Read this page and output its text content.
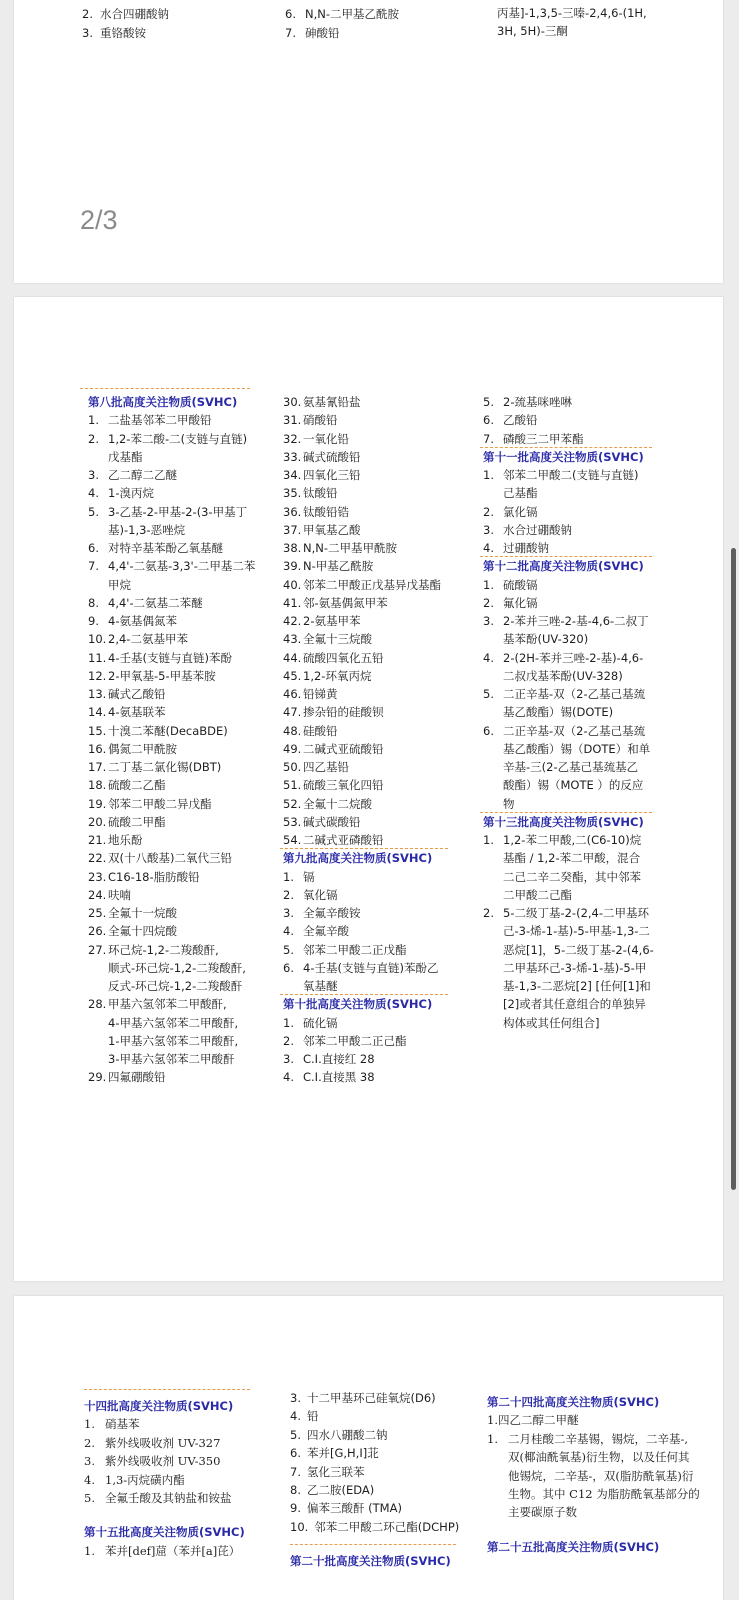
2. 水合四硼酸钠
3. 重铬酸铵
6. N,N-二甲基乙酰胺
7. 砷酸铅
丙基]-1,3,5-三嗪-2,4,6-(1H,
3H, 5H)-三酮
2/3
第八批高度关注物质(SVHC)
1. 二盐基邻苯二甲酸铅
2. 1,2-苯二酸-二(支链与直链)
戊基酯
3. 乙二醇二乙醚
4. 1-溴丙烷
5. 3-乙基-2-甲基-2-(3-甲基丁
基)-1,3-恶唑烷
6. 对特辛基苯酚乙氧基醚
7. 4,4'-二氨基-3,3'-二甲基二苯
甲烷
8. 4,4'-二氨基二苯醚
9. 4-氨基偶氮苯
10. 2,4-二氨基甲苯
11. 4-壬基(支链与直链)苯酚
12. 2-甲氧基-5-甲基苯胺
13. 碱式乙酸铅
14. 4-氨基联苯
15. 十溴二苯醚(DecaBDE)
16. 偶氮二甲酰胺
17. 二丁基二氯化锡(DBT)
18. 硫酸二乙酯
19. 邻苯二甲酸二异戊酯
20. 硫酸二甲酯
21. 地乐酚
22. 双(十八酸基)二氧代三铅
23. C16-18-脂肪酸铅
24. 呋喃
25. 全氟十一烷酸
26. 全氟十四烷酸
27. 环己烷-1,2-二羧酸酐,
顺式-环己烷-1,2-二羧酸酐,
反式-环己烷-1,2-二羧酸酐
28. 甲基六氢邻苯二甲酸酐,
4-甲基六氢邻苯二甲酸酐,
1-甲基六氢邻苯二甲酸酐,
3-甲基六氢邻苯二甲酸酐
29. 四氟硼酸铅
30. 氨基氰铅盐
31. 硝酸铅
32. 一氧化铅
33. 碱式硫酸铅
34. 四氧化三铅
35. 钛酸铅
36. 钛酸铅锆
37. 甲氧基乙酸
38. N,N-二甲基甲酰胺
39. N-甲基乙酰胺
40. 邻苯二甲酸正戊基异戊基酯
41. 邻-氨基偶氮甲苯
42. 2-氨基甲苯
43. 全氟十三烷酸
44. 硫酸四氧化五铅
45. 1,2-环氧丙烷
46. 铅锑黄
47. 掺杂铅的硅酸钡
48. 硅酸铅
49. 二碱式亚硫酸铅
50. 四乙基铅
51. 硫酸三氧化四铅
52. 全氟十二烷酸
53. 碱式碳酸铅
54. 二碱式亚磷酸铅
第九批高度关注物质(SVHC)
1. 镉
2. 氧化镉
3. 全氟辛酸铵
4. 全氟辛酸
5. 邻苯二甲酸二正戊酯
6. 4-壬基(支链与直链)苯酚乙
氧基醚
第十批高度关注物质(SVHC)
1. 硫化镉
2. 邻苯二甲酸二正己酯
3. C.I.直接红 28
4. C.I.直接黑 38
5. 2-巯基咪唑啉
6. 乙酸铅
7. 磷酸三二甲苯酯
第十一批高度关注物质(SVHC)
1. 邻苯二甲酸二(支链与直链)
己基酯
2. 氯化镉
3. 水合过硼酸钠
4. 过硼酸钠
第十二批高度关注物质(SVHC)
1. 硫酸镉
2. 氟化镉
3. 2-苯并三唑-2-基-4,6-二叔丁
基苯酚(UV-320)
4. 2-(2H-苯并三唑-2-基)-4,6-
二叔戊基苯酚(UV-328)
5. 二正辛基-双（2-乙基己基巯
基乙酸酯）锡(DOTE)
6. 二正辛基-双（2-乙基己基巯
基乙酸酯）锡（DOTE）和单
辛基-三(2-乙基己基巯基乙
酸酯）锡（MOTE ）的反应
物
第十三批高度关注物质(SVHC)
1. 1,2-苯二甲酸,二(C6-10)烷
基酯 / 1,2-苯二甲酸，混合
二己二辛二癸酯，其中邻苯
二甲酸二己酯
2. 5-二级丁基-2-(2,4-二甲基环
己-3-烯-1-基)-5-甲基-1,3-二
恶烷[1]，5-二级丁基-2-(4,6-
二甲基环己-3-烯-1-基)-5-甲
基-1,3-二恶烷[2] [任何[1]和
[2]或者其任意组合的单独异
构体或其任何组合]
十四批高度关注物质(SVHC)
1. 硝基苯
2. 紫外线吸收剂 UV-327
3. 紫外线吸收剂 UV-350
4. 1,3-丙烷磺内酯
5. 全氟壬酸及其钠盐和铵盐
第十五批高度关注物质(SVHC)
1. 苯并[def]䓛（苯并[a]芘）
3. 十二甲基环己硅氧烷(D6)
4. 铅
5. 四水八硼酸二钠
6. 苯并[G,H,I]苝
7. 氢化三联苯
8. 乙二胺(EDA)
9. 偏苯三酸酐 (TMA)
10. 邻苯二甲酸二环己酯(DCHP)
第二十批高度关注物质(SVHC)
第二十四批高度关注物质(SVHC)
1.四乙二醇二甲醚
1. 二月桂酸二辛基锡，锡烷，二辛基-,
双(椰油酰氧基)衍生物，以及任何其
他锡烷，二辛基-，双(脂肪酰氧基)衍
生物。其中 C12 为脂肪酰氧基部分的
主要碳原子数
第二十五批高度关注物质(SVHC)
